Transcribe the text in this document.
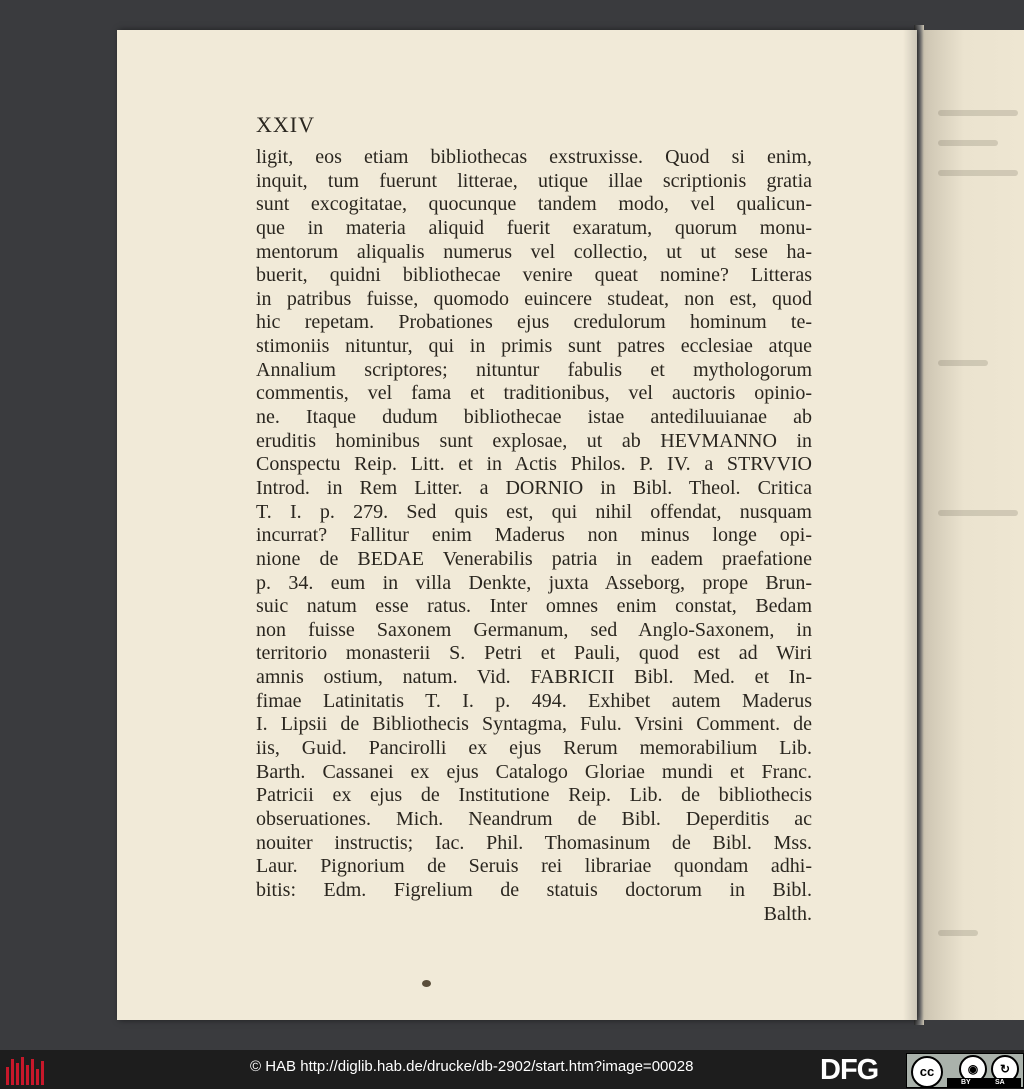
XXIV
ligit, eos etiam bibliothecas exstruxisse. Quod si enim,
inquit, tum fuerunt litterae, utique illae scriptionis gratia
sunt excogitatae, quocunque tandem modo, vel qualicun-
que in materia aliquid fuerit exaratum, quorum monu-
mentorum aliqualis numerus vel collectio, ut ut sese ha-
buerit, quidni bibliothecae venire queat nomine? Litteras
in patribus fuisse, quomodo euincere studeat, non est, quod
hic repetam. Probationes ejus credulorum hominum te-
stimoniis nituntur, qui in primis sunt patres ecclesiae atque
Annalium scriptores; nituntur fabulis et mythologorum
commentis, vel fama et traditionibus, vel auctoris opinio-
ne. Itaque dudum bibliothecae istae antediluuianae ab
eruditis hominibus sunt explosae, ut ab HEVMANNO in
Conspectu Reip. Litt. et in Actis Philos. P. IV. a STRVVIO
Introd. in Rem Litter. a DORNIO in Bibl. Theol. Critica
T. I. p. 279. Sed quis est, qui nihil offendat, nusquam
incurrat? Fallitur enim Maderus non minus longe opi-
nione de BEDAE Venerabilis patria in eadem praefatione
p. 34. eum in villa Denkte, juxta Asseborg, prope Brun-
suic natum esse ratus. Inter omnes enim constat, Bedam
non fuisse Saxonem Germanum, sed Anglo-Saxonem, in
territorio monasterii S. Petri et Pauli, quod est ad Wiri
amnis ostium, natum. Vid. FABRICII Bibl. Med. et In-
fimae Latinitatis T. I. p. 494. Exhibet autem Maderus
I. Lipsii de Bibliothecis Syntagma, Fulu. Vrsini Comment. de
iis, Guid. Pancirolli ex ejus Rerum memorabilium Lib.
Barth. Cassanei ex ejus Catalogo Gloriae mundi et Franc.
Patricii ex ejus de Institutione Reip. Lib. de bibliothecis
obseruationes. Mich. Neandrum de Bibl. Deperditis ac
nouiter instructis; Iac. Phil. Thomasinum de Bibl. Mss.
Laur. Pignorium de Seruis rei librariae quondam adhi-
bitis: Edm. Figrelium de statuis doctorum in Bibl.
Balth.
© HAB http://diglib.hab.de/drucke/db-2902/start.htm?image=00028	DFG	cc	◉	↻
BY	SA
